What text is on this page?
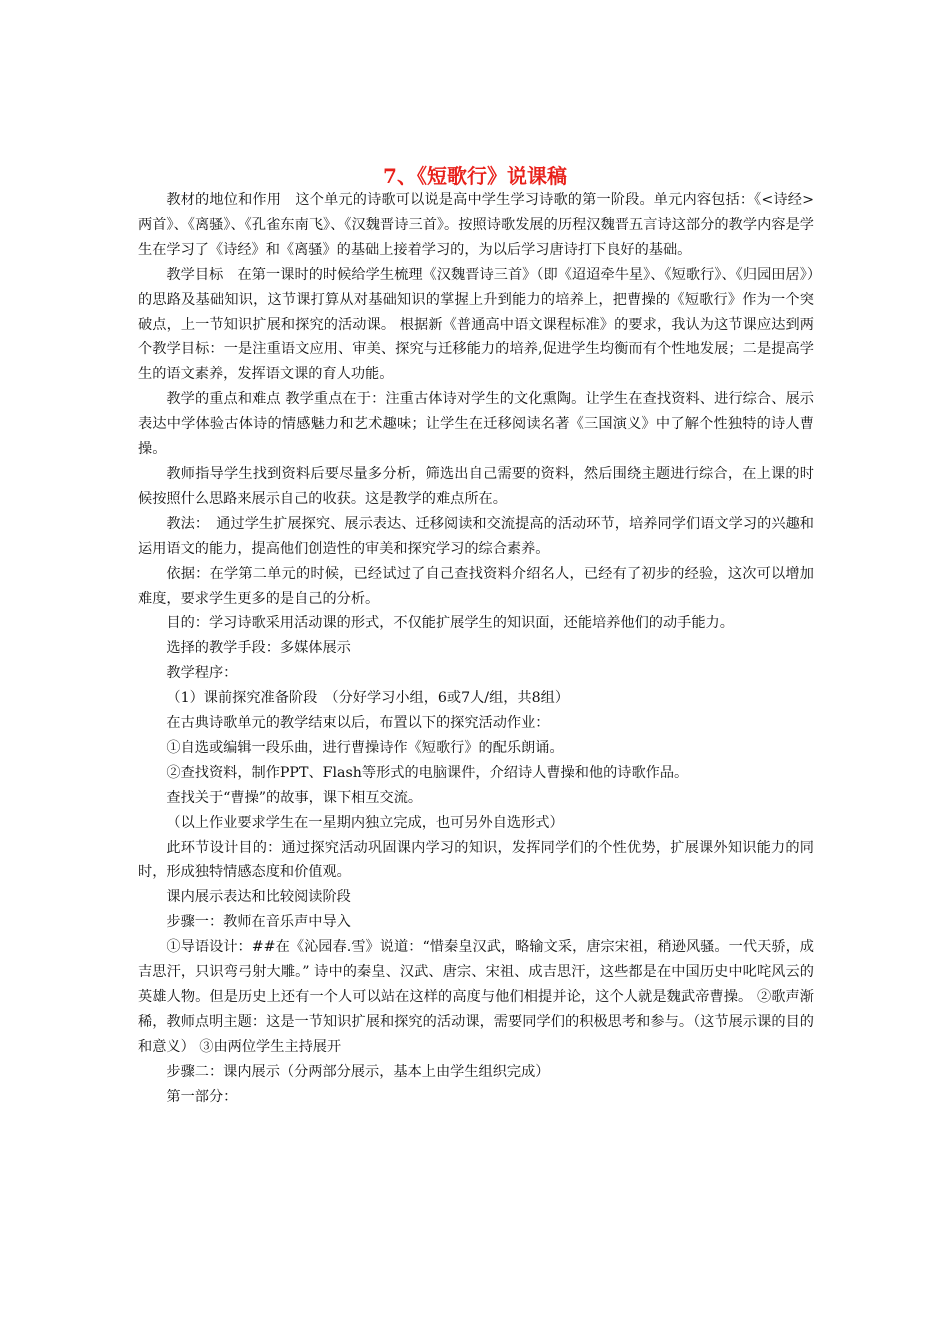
7、《短歌行》说课稿

教材的地位和作用　这个单元的诗歌可以说是高中学生学习诗歌的第一阶段。单元内容包括：《<诗经>两首》、《离骚》、《孔雀东南飞》、《汉魏晋诗三首》。按照诗歌发展的历程汉魏晋五言诗这部分的教学内容是学生在学习了《诗经》和《离骚》的基础上接着学习的，为以后学习唐诗打下良好的基础。

教学目标　在第一课时的时候给学生梳理《汉魏晋诗三首》（即《迢迢牵牛星》、《短歌行》、《归园田居》）的思路及基础知识，这节课打算从对基础知识的掌握上升到能力的培养上，把曹操的《短歌行》作为一个突破点，上一节知识扩展和探究的活动课。 根据新《普通高中语文课程标准》的要求，我认为这节课应达到两个教学目标：一是注重语文应用、审美、探究与迁移能力的培养,促进学生均衡而有个性地发展；二是提高学生的语文素养，发挥语文课的育人功能。

教学的重点和难点 教学重点在于：注重古体诗对学生的文化熏陶。让学生在查找资料、进行综合、展示表达中学体验古体诗的情感魅力和艺术趣味；让学生在迁移阅读名著《三国演义》中了解个性独特的诗人曹操。

教师指导学生找到资料后要尽量多分析，筛选出自己需要的资料，然后围绕主题进行综合，在上课的时候按照什么思路来展示自己的收获。这是教学的难点所在。

教法：　通过学生扩展探究、展示表达、迁移阅读和交流提高的活动环节，培养同学们语文学习的兴趣和运用语文的能力，提高他们创造性的审美和探究学习的综合素养。

依据：在学第二单元的时候，已经试过了自己查找资料介绍名人，已经有了初步的经验，这次可以增加难度，要求学生更多的是自己的分析。

目的：学习诗歌采用活动课的形式，不仅能扩展学生的知识面，还能培养他们的动手能力。

选择的教学手段：多媒体展示

教学程序：

（1）课前探究准备阶段　（分好学习小组，6或7人/组，共8组）

在古典诗歌单元的教学结束以后，布置以下的探究活动作业：

①自选或编辑一段乐曲，进行曹操诗作《短歌行》的配乐朗诵。

②查找资料，制作PPT、Flash等形式的电脑课件，介绍诗人曹操和他的诗歌作品。

查找关于“曹操”的故事，课下相互交流。

（以上作业要求学生在一星期内独立完成，也可另外自选形式）

此环节设计目的：通过探究活动巩固课内学习的知识，发挥同学们的个性优势，扩展课外知识能力的同时，形成独特情感态度和价值观。

课内展示表达和比较阅读阶段

步骤一：教师在音乐声中导入

①导语设计：##在《沁园春.雪》说道：“惜秦皇汉武，略输文采，唐宗宋祖，稍逊风骚。一代天骄，成吉思汗，只识弯弓射大雕。” 诗中的秦皇、汉武、唐宗、宋祖、成吉思汗，这些都是在中国历史中叱咤风云的英雄人物。但是历史上还有一个人可以站在这样的高度与他们相提并论，这个人就是魏武帝曹操。 ②歌声渐稀，教师点明主题：这是一节知识扩展和探究的活动课，需要同学们的积极思考和参与。（这节展示课的目的和意义） ③由两位学生主持展开

步骤二：课内展示（分两部分展示，基本上由学生组织完成）

第一部分：
